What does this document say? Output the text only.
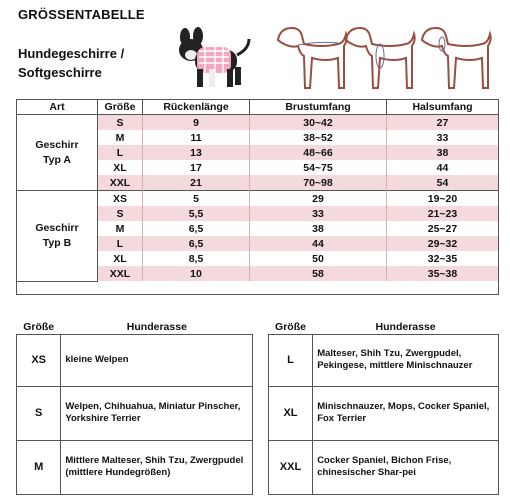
GRÖSSENTABELLE
Hundegeschirre /
Softgeschirre
Art	Größe	Rückenlänge	Brustumfang	Halsumfang
Geschirr
Typ A	S	9	30~42	27
	M	11	38~52	33
	L	13	48~66	38
	XL	17	54~75	44
	XXL	21	70~98	54
Geschirr
Typ B	XS	5	29	19~20
	S	5,5	33	21~23
	M	6,5	38	25~27
	L	6,5	44	29~32
	XL	8,5	50	32~35
	XXL	10	58	35~38
Größe	Hunderasse		Größe	Hunderasse
XS	kleine Welpen		L	Malteser, Shih Tzu, Zwergpudel, Pekingese, mittlere Minischnauzer
S	Welpen, Chihuahua, Miniatur Pinscher, Yorkshire Terrier		XL	Minischnauzer, Mops, Cocker Spaniel, Fox Terrier
M	Mittlere Malteser, Shih Tzu, Zwergpudel (mittlere Hundegrößen)		XXL	Cocker Spaniel, Bichon Frise, chinesischer Shar-pei
